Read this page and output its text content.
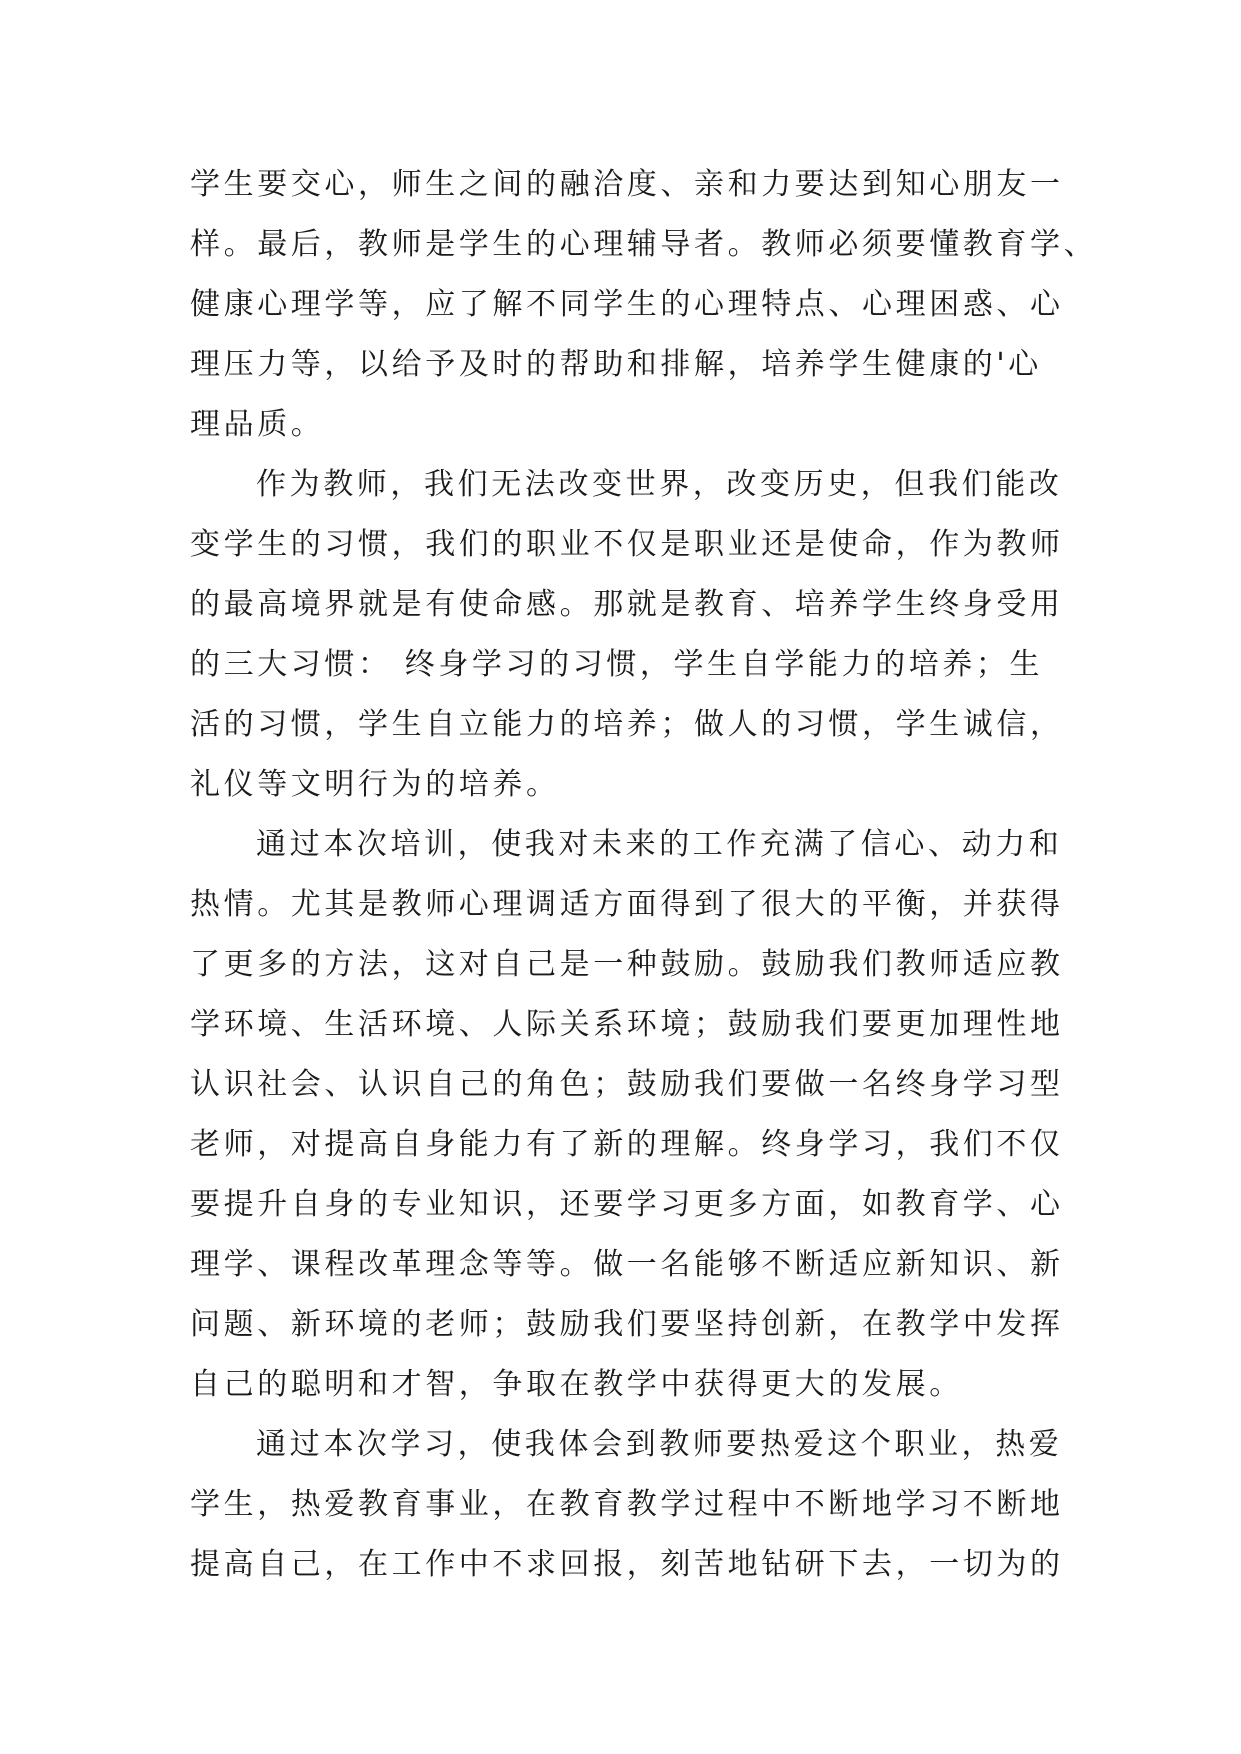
学生要交心，师生之间的融洽度、亲和力要达到知心朋友一
样。最后，教师是学生的心理辅导者。教师必须要懂教育学、
健康心理学等，应了解不同学生的心理特点、心理困惑、心
理压力等，以给予及时的帮助和排解，培养学生健康的'心
理品质。
作为教师，我们无法改变世界，改变历史，但我们能改
变学生的习惯，我们的职业不仅是职业还是使命，作为教师
的最高境界就是有使命感。那就是教育、培养学生终身受用
的三大习惯： 终身学习的习惯，学生自学能力的培养；生
活的习惯，学生自立能力的培养；做人的习惯，学生诚信，
礼仪等文明行为的培养。
通过本次培训，使我对未来的工作充满了信心、动力和
热情。尤其是教师心理调适方面得到了很大的平衡，并获得
了更多的方法，这对自己是一种鼓励。鼓励我们教师适应教
学环境、生活环境、人际关系环境；鼓励我们要更加理性地
认识社会、认识自己的角色；鼓励我们要做一名终身学习型
老师，对提高自身能力有了新的理解。终身学习，我们不仅
要提升自身的专业知识，还要学习更多方面，如教育学、心
理学、课程改革理念等等。做一名能够不断适应新知识、新
问题、新环境的老师；鼓励我们要坚持创新，在教学中发挥
自己的聪明和才智，争取在教学中获得更大的发展。
通过本次学习，使我体会到教师要热爱这个职业，热爱
学生，热爱教育事业，在教育教学过程中不断地学习不断地
提高自己，在工作中不求回报，刻苦地钻研下去，一切为的
